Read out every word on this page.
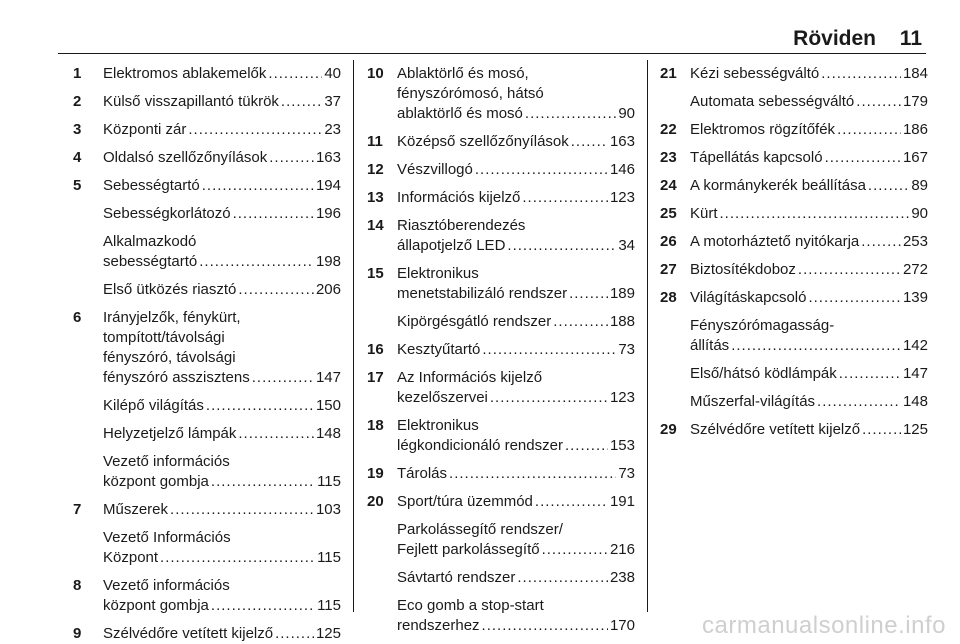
Röviden 11
1 Elektromos ablakemelők .....	40
2 Külső visszapillantó tükrök .....	37
3 Központi zár .....	23
4 Oldalsó szellőzőnyílások .....	163
5 Sebességtartó .....	194
Sebességkorlátozó .....	196
Alkalmazkodó
sebességtartó .....	198
Első ütközés riasztó .....	206
6 Irányjelzők, fénykürt,
tompított/távolsági
fényszóró, távolsági
fényszóró asszisztens .....	147
Kilépő világítás .....	150
Helyzetjelző lámpák .....	148
Vezető információs
központ gombja .....	115
7 Műszerek .....	103
Vezető Információs
Központ .....	115
8 Vezető információs
központ gombja .....	115
9 Szélvédőre vetített kijelző .....	125
10 Ablaktörlő és mosó,
fényszórómosó, hátsó
ablaktörlő és mosó .....	90
11 Középső szellőzőnyílások .....	163
12 Vészvillogó .....	146
13 Információs kijelző .....	123
14 Riasztóberendezés
állapotjelző LED .....	34
15 Elektronikus
menetstabilizáló rendszer .....	189
Kipörgésgátló rendszer .....	188
16 Kesztyűtartó .....	73
17 Az Információs kijelző
kezelőszervei .....	123
18 Elektronikus
légkondicionáló rendszer .....	153
19 Tárolás .....	73
20 Sport/túra üzemmód .....	191
Parkolássegítő rendszer/
Fejlett parkolássegítő .....	216
Sávtartó rendszer .....	238
Eco gomb a stop-start
rendszerhez .....	170
21 Kézi sebességváltó .....	184
Automata sebességváltó .....	179
22 Elektromos rögzítőfék .....	186
23 Tápellátás kapcsoló .....	167
24 A kormánykerék beállítása .....	89
25 Kürt .....	90
26 A motorháztető nyitókarja .....	253
27 Biztosítékdoboz .....	272
28 Világításkapcsoló .....	139
Fényszórómagasság-
állítás .....	142
Első/hátsó ködlámpák .....	147
Műszerfal-világítás .....	148
29 Szélvédőre vetített kijelző .....	125
carmanualsonline.info
